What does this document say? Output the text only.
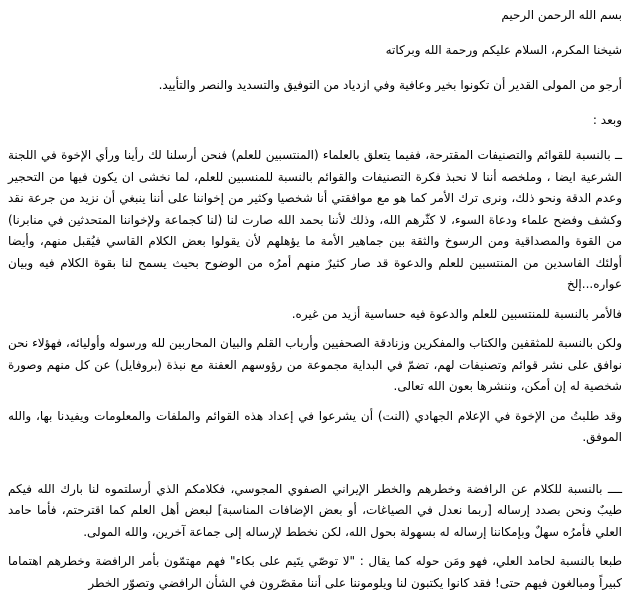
بسم الله الرحمن الرحيم

شيخنا المكرم، السلام عليكم ورحمة الله وبركاته

أرجو من المولى القدير أن تكونوا بخير وعافية وفي ازدياد من التوفيق والتسديد والنصر والتأييد.

وبعد :

ــ بالنسبة للقوائم والتصنيفات المقترحة، ففيما يتعلق بالعلماء (المنتسبين للعلم) فنحن أرسلنا لك رأينا ورأي الإخوة في اللجنة الشرعية ايضا ، وملخصه أننا لا نحبذ فكرة التصنيفات والقوائم بالنسبة للمنسبين للعلم، لما نخشى ان يكون فيها من التحجير وعدم الدقة ونحو ذلك، ونرى ترك الأمر كما هو مع موافقتي أنا شخصيا وكثير من إخواننا على أننا ينبغي أن نزيد من جرعة نقد وكشف وفضح علماء ودعاة السوء، لا كثّرهم الله، وذلك لأننا بحمد الله صارت لنا (لنا كجماعة ولإخواننا المتحدثين في منابرنا) من القوة والمصداقية ومن الرسوخ والثقة بين جماهير الأمة ما يؤهلهم لأن يقولوا بعض الكلام القاسي فيُقبل منهم، وأيضا أولئك الفاسدين من المنتسبين للعلم والدعوة قد صار كثيرٌ منهم أمرُه من الوضوح بحيث يسمح لنا بقوة الكلام فيه وبيان عواره...إلخ

فالأمر بالنسبة للمنتسبين للعلم والدعوة فيه حساسية أزيد من غيره.

ولكن بالنسبة للمثقفين والكتاب والمفكرين وزنادقة الصحفيين وأرباب القلم والبيان المحاربين لله ورسوله وأوليائه، فهؤلاء نحن نوافق على نشر قوائم وتصنيفات لهم، تضمّ في البداية مجموعة من رؤوسهم العفنة مع نبذة (بروفايل) عن كل منهم وصورة شخصية له إن أمكن، وننشرها بعون الله تعالى.

وقد طلبتُ من الإخوة في الإعلام الجهادي (النت) أن يشرعوا في إعداد هذه القوائم والملفات والمعلومات ويفيدنا بها، والله الموفق.

ــــ بالنسبة للكلام عن الرافضة وخطرهم والخطر الإيراني الصفوي المجوسي، فكلامكم الذي أرسلتموه لنا بارك الله فيكم طيبٌ ونحن بصدد إرساله [ربما نعدل في الصياغات، أو بعض الإضافات المناسبة] لبعض أهل العلم كما اقترحتم، فأما حامد العلي فأمرُه سهلٌ وبإمكاننا إرساله له بسهولة بحول الله، لكن نخطط لإرساله إلى جماعة آخرين، والله المولى.

طبعا بالنسبة لحامد العلي، فهو ومَن حوله كما يقال : "لا توصّي يتَيم على بكاء" فهم مهتمّون بأمر الرافضة وخطرهم اهتماما كبيراً ومبالغون فيهم حتى! فقد كانوا يكتبون لنا ويلوموننا على أننا مقصّرون في الشأن الرافضي وتصوّر الخطر
